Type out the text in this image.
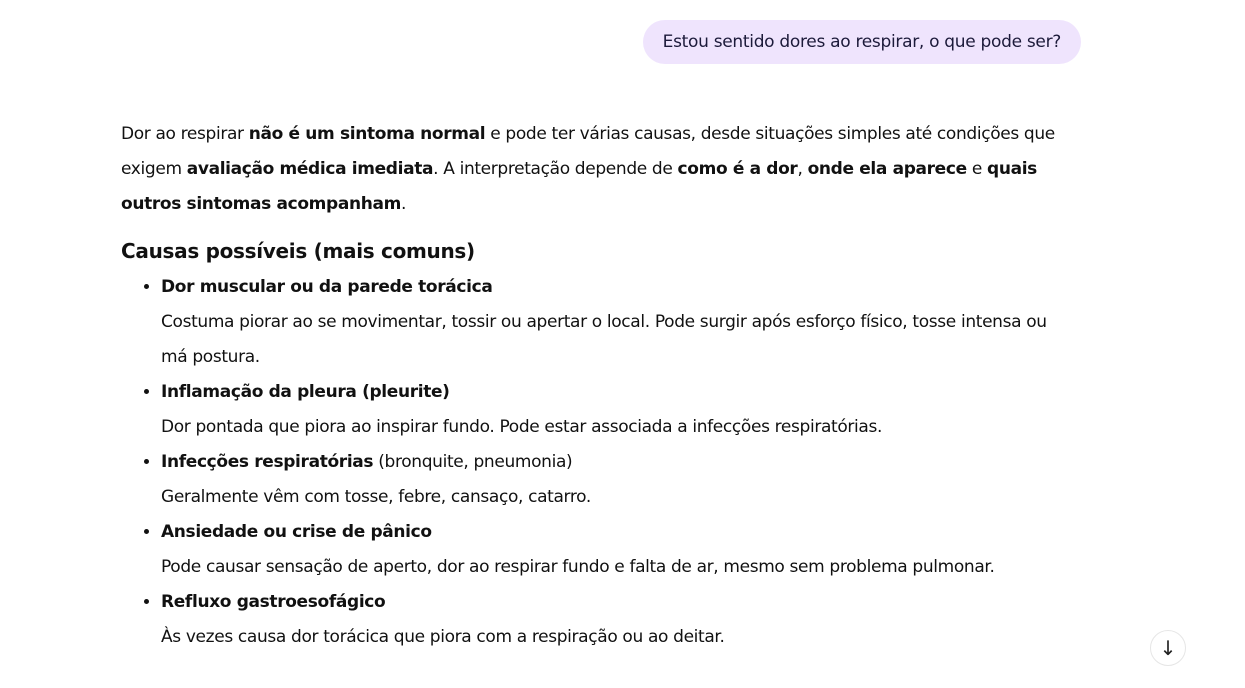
Estou sentido dores ao respirar, o que pode ser?

Dor ao respirar não é um sintoma normal e pode ter várias causas, desde situações simples até condições que exigem avaliação médica imediata. A interpretação depende de como é a dor, onde ela aparece e quais outros sintomas acompanham.

Causas possíveis (mais comuns)
• Dor muscular ou da parede torácica
Costuma piorar ao se movimentar, tossir ou apertar o local. Pode surgir após esforço físico, tosse intensa ou má postura.
• Inflamação da pleura (pleurite)
Dor pontada que piora ao inspirar fundo. Pode estar associada a infecções respiratórias.
• Infecções respiratórias (bronquite, pneumonia)
Geralmente vêm com tosse, febre, cansaço, catarro.
• Ansiedade ou crise de pânico
Pode causar sensação de aperto, dor ao respirar fundo e falta de ar, mesmo sem problema pulmonar.
• Refluxo gastroesofágico
Às vezes causa dor torácica que piora com a respiração ou ao deitar.	↓
